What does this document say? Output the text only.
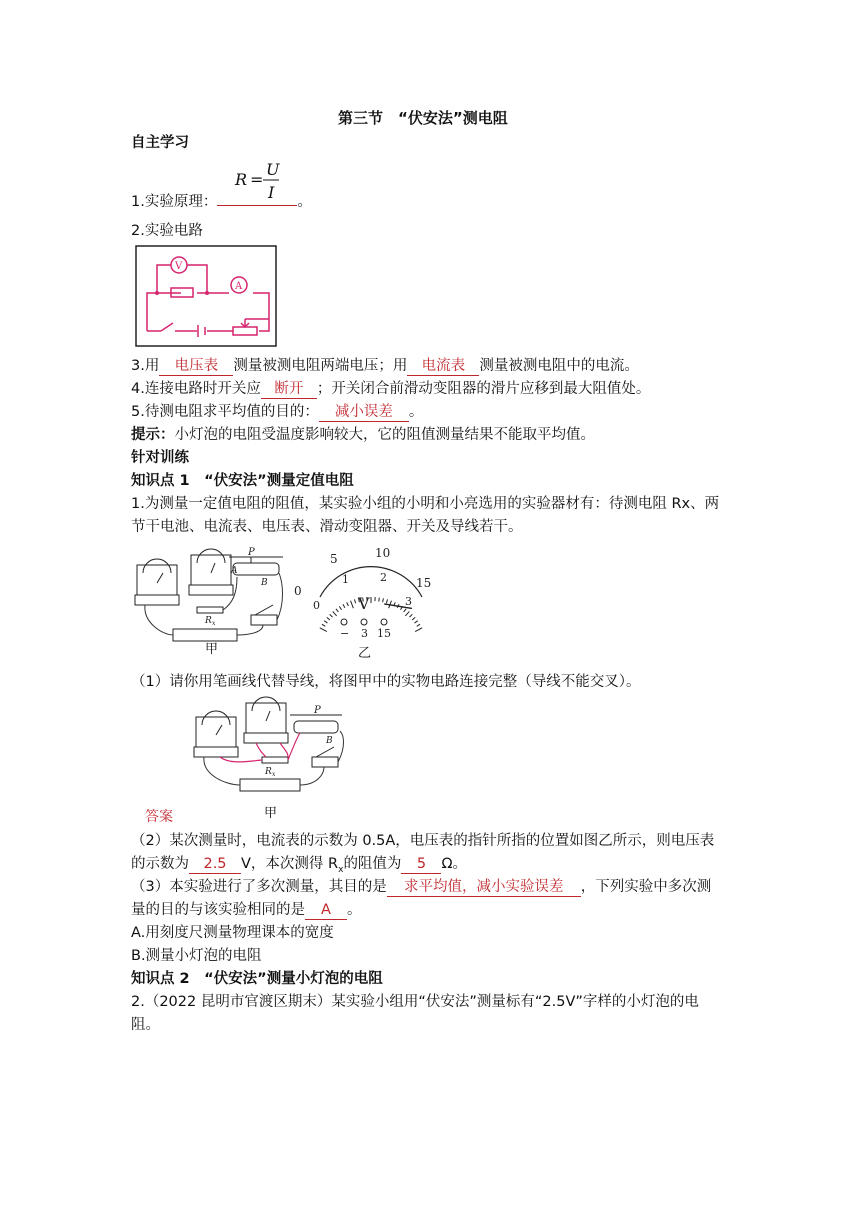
第三节　“伏安法”测电阻
自主学习
R =
U
I
1.实验原理：	。
2.实验电路
V
A
3.用 电压表 测量被测电阻两端电压；用 电流表 测量被测电阻中的电流。
4.连接电路时开关应 断开 ；开关闭合前滑动变阻器的滑片应移到最大阻值处。
5.待测电阻求平均值的目的： 减小误差 。
提示：小灯泡的电阻受温度影响较大，它的阻值测量结果不能取平均值。
针对训练
知识点 1　“伏安法”测量定值电阻
1.为测量一定值电阻的阻值，某实验小组的小明和小亮选用的实验器材有：待测电阻 Rx、两
节干电池、电流表、电压表、滑动变阻器、开关及导线若干。
P
A
B
R x
甲
0
5	10
15
0
1	2
3
V
− 3 15
乙
（1）请你用笔画线代替导线，将图甲中的实物电路连接完整（导线不能交叉）。
R x
P
B
甲
答案
（2）某次测量时，电流表的示数为 0.5A，电压表的指针所指的位置如图乙所示，则电压表
的示数为 2.5 V，本次测得 $R_x$的阻值为 5 Ω。
（3）本实验进行了多次测量，其目的是 求平均值，减小实验误差 ，下列实验中多次测
量的目的与该实验相同的是 A 。
A.用刻度尺测量物理课本的宽度
B.测量小灯泡的电阻
知识点 2　“伏安法”测量小灯泡的电阻
2.（2022 昆明市官渡区期末）某实验小组用“伏安法”测量标有“2.5V”字样的小灯泡的电
阻。
